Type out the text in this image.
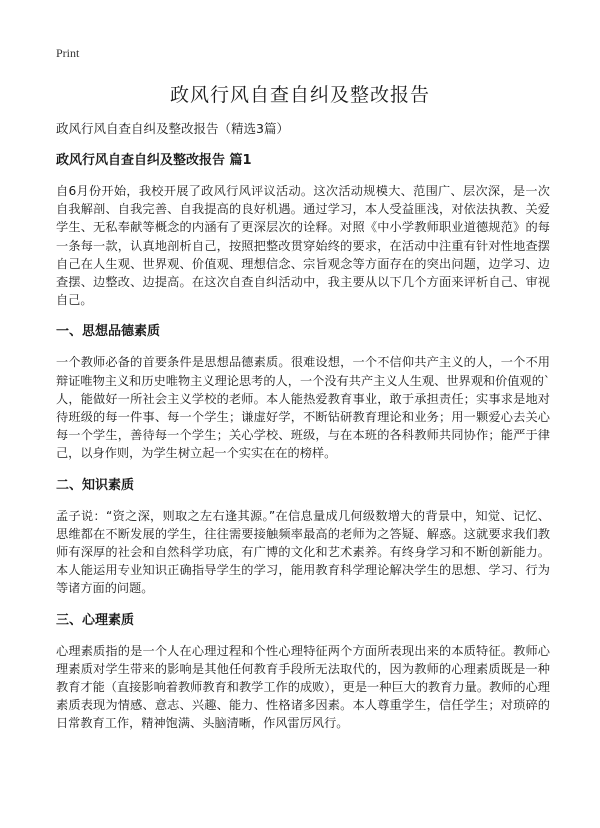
Print
政风行风自查自纠及整改报告

政风行风自查自纠及整改报告（精选3篇）

政风行风自查自纠及整改报告 篇1

自6月份开始，我校开展了政风行风评议活动。这次活动规模大、范围广、层次深，是一次自我解剖、自我完善、自我提高的良好机遇。通过学习，本人受益匪浅，对依法执教、关爱学生、无私奉献等概念的内涵有了更深层次的诠释。对照《中小学教师职业道德规范》的每一条每一款，认真地剖析自己，按照把整改贯穿始终的要求，在活动中注重有针对性地查摆自己在人生观、世界观、价值观、理想信念、宗旨观念等方面存在的突出问题，边学习、边查摆、边整改、边提高。在这次自查自纠活动中，我主要从以下几个方面来评析自己、审视自己。

一、思想品德素质

一个教师必备的首要条件是思想品德素质。很难设想，一个不信仰共产主义的人，一个不用辩证唯物主义和历史唯物主义理论思考的人，一个没有共产主义人生观、世界观和价值观的`人，能做好一所社会主义学校的老师。本人能热爱教育事业，敢于承担责任；实事求是地对待班级的每一件事、每一个学生；谦虚好学，不断钻研教育理论和业务；用一颗爱心去关心每一个学生，善待每一个学生；关心学校、班级，与在本班的各科教师共同协作；能严于律己，以身作则，为学生树立起一个实实在在的榜样。

二、知识素质

孟子说：“资之深，则取之左右逢其源。”在信息量成几何级数增大的背景中，知觉、记忆、思维都在不断发展的学生，往往需要接触频率最高的老师为之答疑、解惑。这就要求我们教师有深厚的社会和自然科学功底，有广博的文化和艺术素养。有终身学习和不断创新能力。本人能运用专业知识正确指导学生的学习，能用教育科学理论解决学生的思想、学习、行为等诸方面的问题。

三、心理素质

心理素质指的是一个人在心理过程和个性心理特征两个方面所表现出来的本质特征。教师心理素质对学生带来的影响是其他任何教育手段所无法取代的，因为教师的心理素质既是一种教育才能（直接影响着教师教育和教学工作的成败），更是一种巨大的教育力量。教师的心理素质表现为情感、意志、兴趣、能力、性格诸多因素。本人尊重学生，信任学生；对琐碎的日常教育工作，精神饱满、头脑清晰，作风雷厉风行。
